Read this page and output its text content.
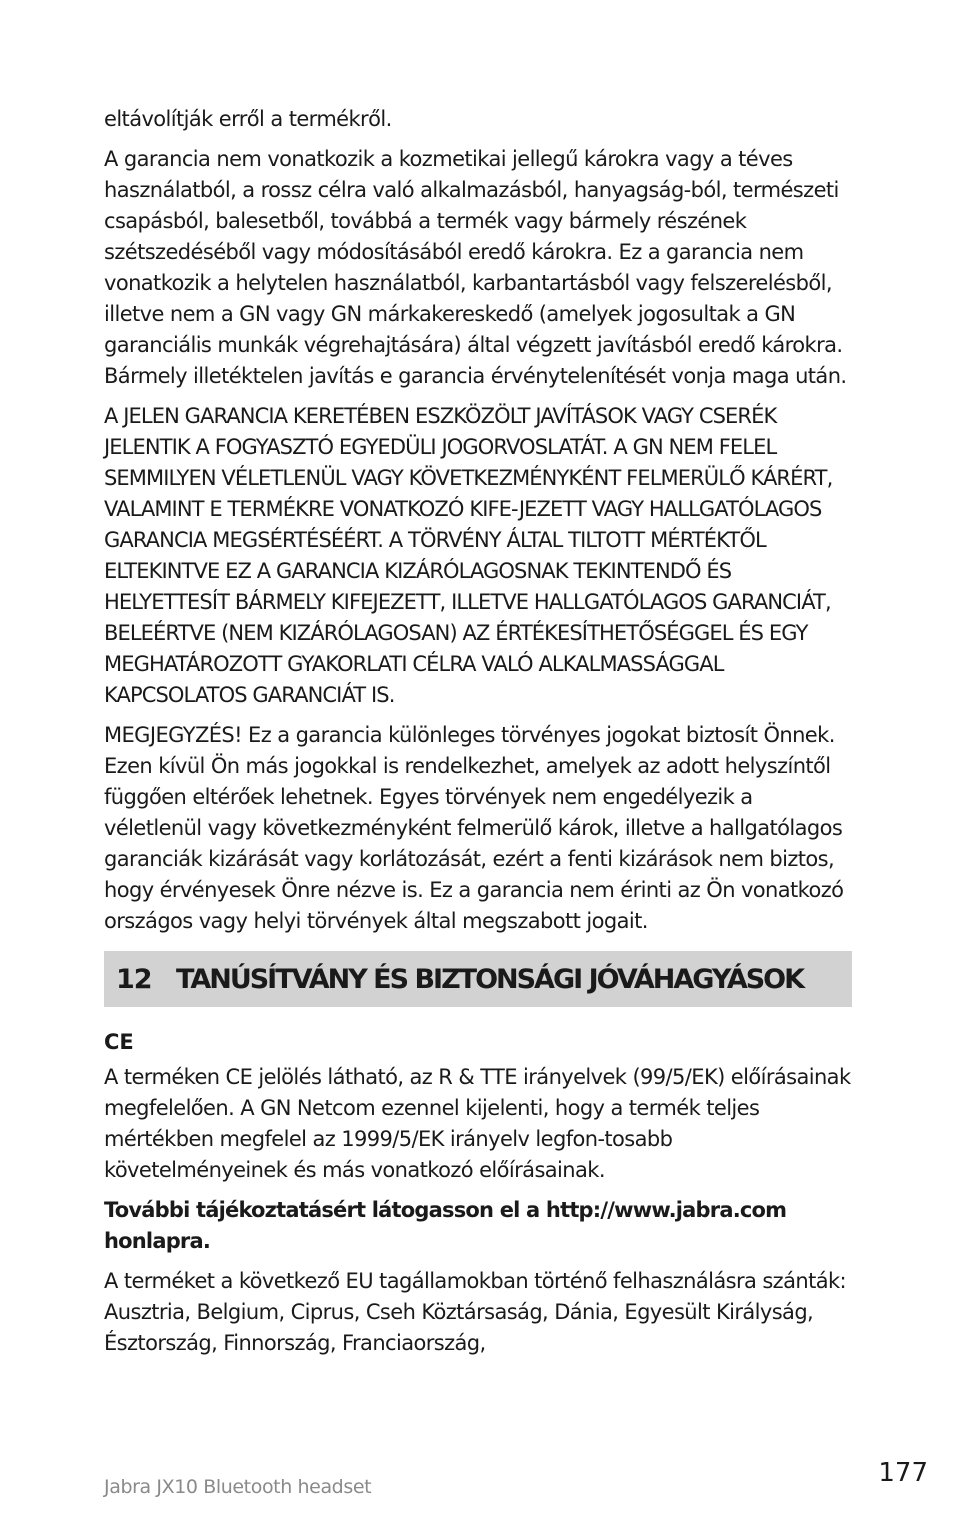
eltávolítják erről a termékről.

A garancia nem vonatkozik a kozmetikai jellegű károkra vagy a téves használatból, a rossz célra való alkalmazásból, hanyagság-ból, természeti csapásból, balesetből, továbbá a termék vagy bármely részének szétszedéséből vagy módosításából eredő károkra. Ez a garancia nem vonatkozik a helytelen használatból, karbantartásból vagy felszerelésből, illetve nem a GN vagy GN márkakereskedő (amelyek jogosultak a GN garanciális munkák végrehajtására) által végzett javításból eredő károkra. Bármely illetéktelen javítás e garancia érvénytelenítését vonja maga után.

A JELEN GARANCIA KERETÉBEN ESZKÖZÖLT JAVÍTÁSOK VAGY CSERÉK JELENTIK A FOGYASZTÓ EGYEDÜLI JOGORVOSLATÁT. A GN NEM FELEL SEMMILYEN VÉLETLENÜL VAGY KÖVETKEZMÉNYKÉNT FELMERÜLŐ KÁRÉRT, VALAMINT E TERMÉKRE VONATKOZÓ KIFE-JEZETT VAGY HALLGATÓLAGOS GARANCIA MEGSÉRTÉSÉÉRT. A TÖRVÉNY ÁLTAL TILTOTT MÉRTÉKTŐL ELTEKINTVE EZ A GARANCIA KIZÁRÓLAGOSNAK TEKINTENDŐ ÉS HELYETTESÍT BÁRMELY KIFEJEZETT, ILLETVE HALLGATÓLAGOS GARANCIÁT, BELEÉRTVE (NEM KIZÁRÓLAGOSAN) AZ ÉRTÉKESÍTHETŐSÉGGEL ÉS EGY MEGHATÁROZOTT GYAKORLATI CÉLRA VALÓ ALKALMASSÁGGAL KAPCSOLATOS GARANCIÁT IS.

MEGJEGYZÉS! Ez a garancia különleges törvényes jogokat biztosít Önnek. Ezen kívül Ön más jogokkal is rendelkezhet, amelyek az adott helyszíntől függően eltérőek lehetnek. Egyes törvények nem engedélyezik a véletlenül vagy következményként felmerülő károk, illetve a hallgatólagos garanciák kizárását vagy korlátozását, ezért a fenti kizárások nem biztos, hogy érvényesek Önre nézve is. Ez a garancia nem érinti az Ön vonatkozó országos vagy helyi törvények által megszabott jogait.

12 TANÚSÍTVÁNY ÉS BIZTONSÁGI JÓVÁHAGYÁSOK
CE

A terméken CE jelölés látható, az R & TTE irányelvek (99/5/EK) előírásainak megfelelően. A GN Netcom ezennel kijelenti, hogy a termék teljes mértékben megfelel az 1999/5/EK irányelv legfon-tosabb követelményeinek és más vonatkozó előírásainak.

További tájékoztatásért látogasson el a http://www.jabra.com honlapra.

A terméket a következő EU tagállamokban történő felhasználásra szánták: Ausztria, Belgium, Ciprus, Cseh Köztársaság, Dánia, Egyesült Királyság, Észtország, Finnország, Franciaország,

Jabra JX10 Bluetooth headset	177
